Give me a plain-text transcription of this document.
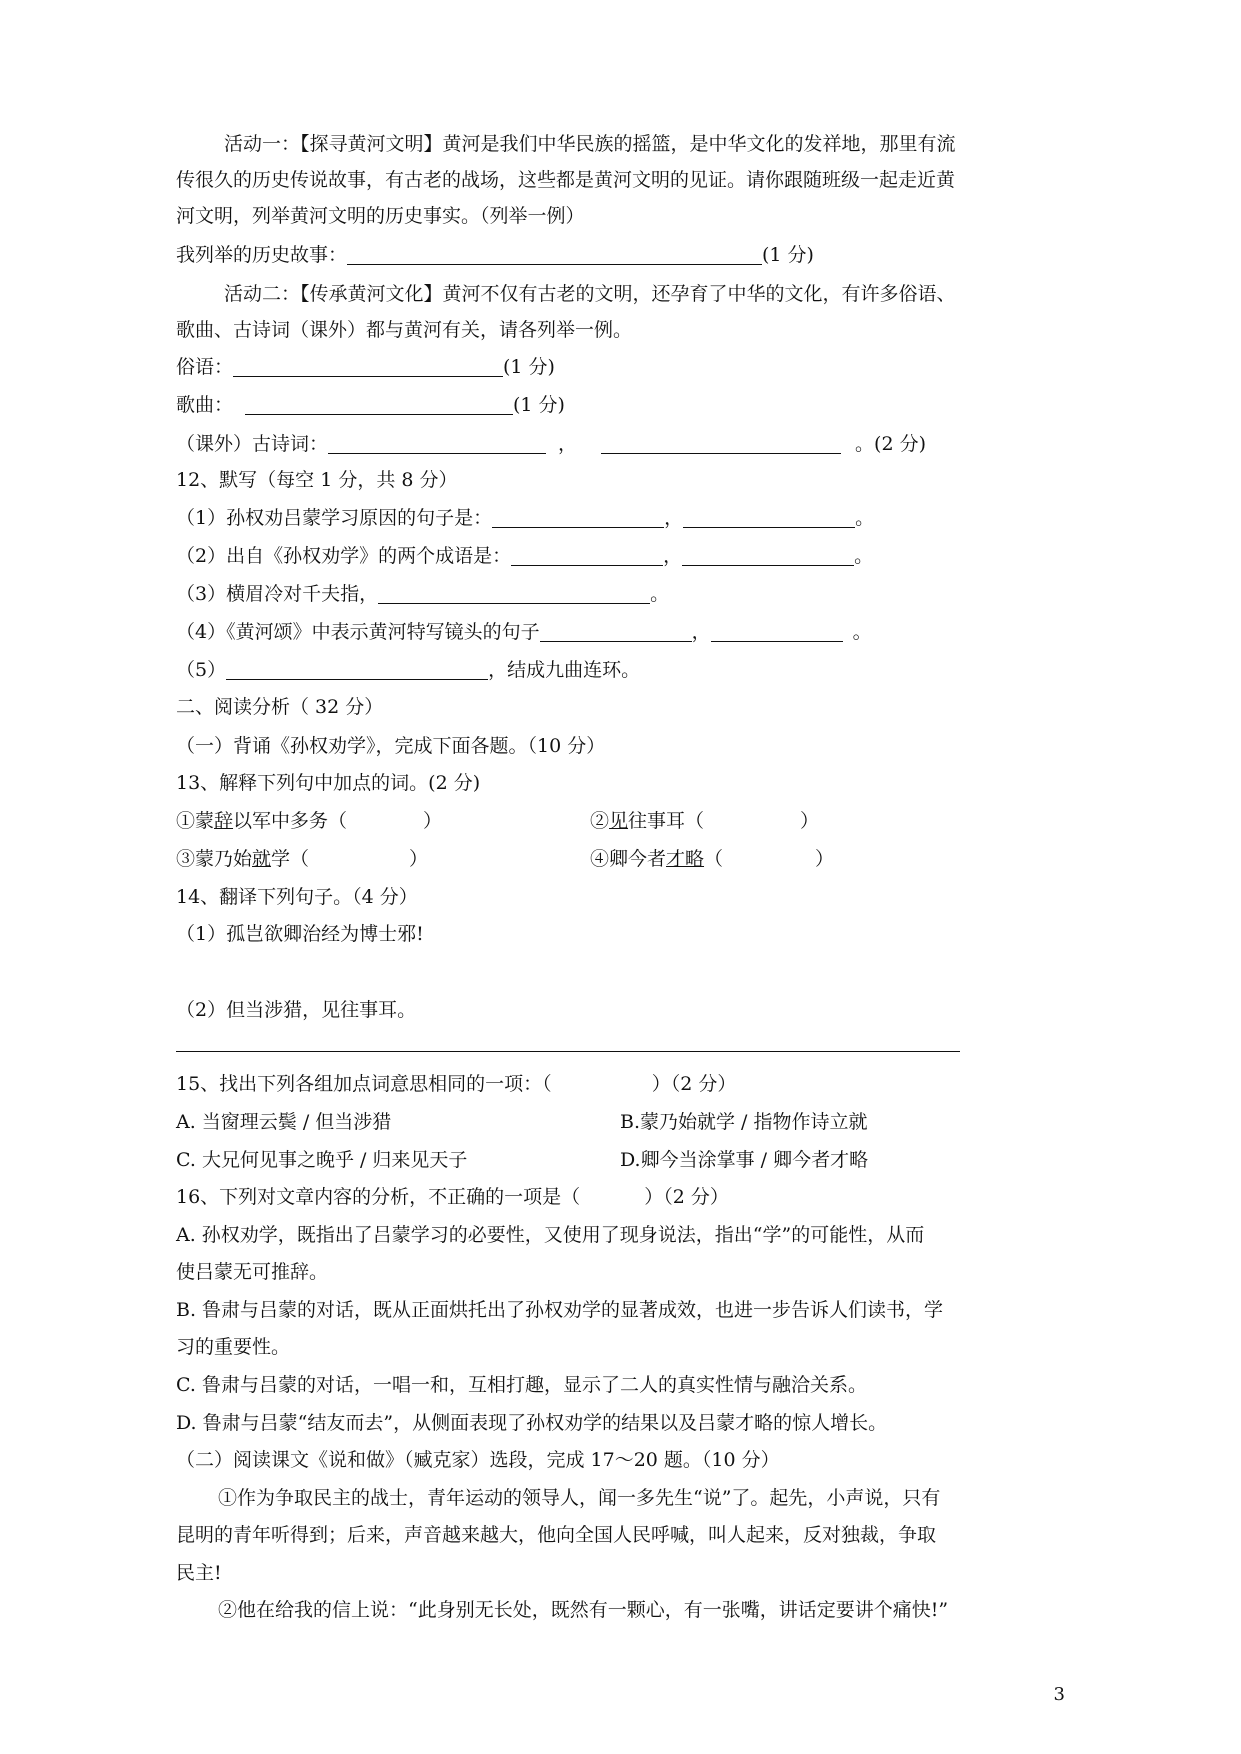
活动一：【探寻黄河文明】黄河是我们中华民族的摇篮，是中华文化的发祥地，那里有流
传很久的历史传说故事，有古老的战场，这些都是黄河文明的见证。请你跟随班级一起走近黄
河文明，列举黄河文明的历史事实。（列举一例）
我列举的历史故事：	(1 分)
活动二：【传承黄河文化】黄河不仅有古老的文明，还孕育了中华的文化，有许多俗语、
歌曲、古诗词（课外）都与黄河有关，请各列举一例。
俗语：	(1 分)
歌曲：	(1 分)
（课外）古诗词：	，	。(2 分)
12、默写（每空 1 分，共 8 分）
（1）孙权劝吕蒙学习原因的句子是：	，	。
（2）出自《孙权劝学》的两个成语是：	，	。
（3）横眉冷对千夫指，	。
（4）《黄河颂》中表示黄河特写镜头的句子	，	。
（5）	，结成九曲连环。
二、阅读分析（ 32 分）
（一）背诵《孙权劝学》，完成下面各题。（10 分）
13、解释下列句中加点的词。(2 分)
①蒙辞以军中多务（	）	②见往事耳（	）
③蒙乃始就学（	）	④卿今者才略（	）
14、翻译下列句子。（4 分）
（1）孤岂欲卿治经为博士邪!
（2）但当涉猎，见往事耳。
15、找出下列各组加点词意思相同的一项：（	）（2 分）
A. 当窗理云鬓 / 但当涉猎	B.蒙乃始就学 / 指物作诗立就
C. 大兄何见事之晚乎 / 归来见天子	D.卿今当涂掌事 / 卿今者才略
16、下列对文章内容的分析，不正确的一项是（	）（2 分）
A. 孙权劝学，既指出了吕蒙学习的必要性，又使用了现身说法，指出“学”的可能性，从而
使吕蒙无可推辞。
B. 鲁肃与吕蒙的对话，既从正面烘托出了孙权劝学的显著成效，也进一步告诉人们读书，学
习的重要性。
C. 鲁肃与吕蒙的对话，一唱一和，互相打趣，显示了二人的真实性情与融洽关系。
D. 鲁肃与吕蒙“结友而去”，从侧面表现了孙权劝学的结果以及吕蒙才略的惊人增长。
（二）阅读课文《说和做》（臧克家）选段，完成 17～20 题。（10 分）
①作为争取民主的战士，青年运动的领导人，闻一多先生“说”了。起先，小声说，只有
昆明的青年听得到；后来，声音越来越大，他向全国人民呼喊，叫人起来，反对独裁，争取
民主!
②他在给我的信上说：“此身别无长处，既然有一颗心，有一张嘴，讲话定要讲个痛快!”
3
